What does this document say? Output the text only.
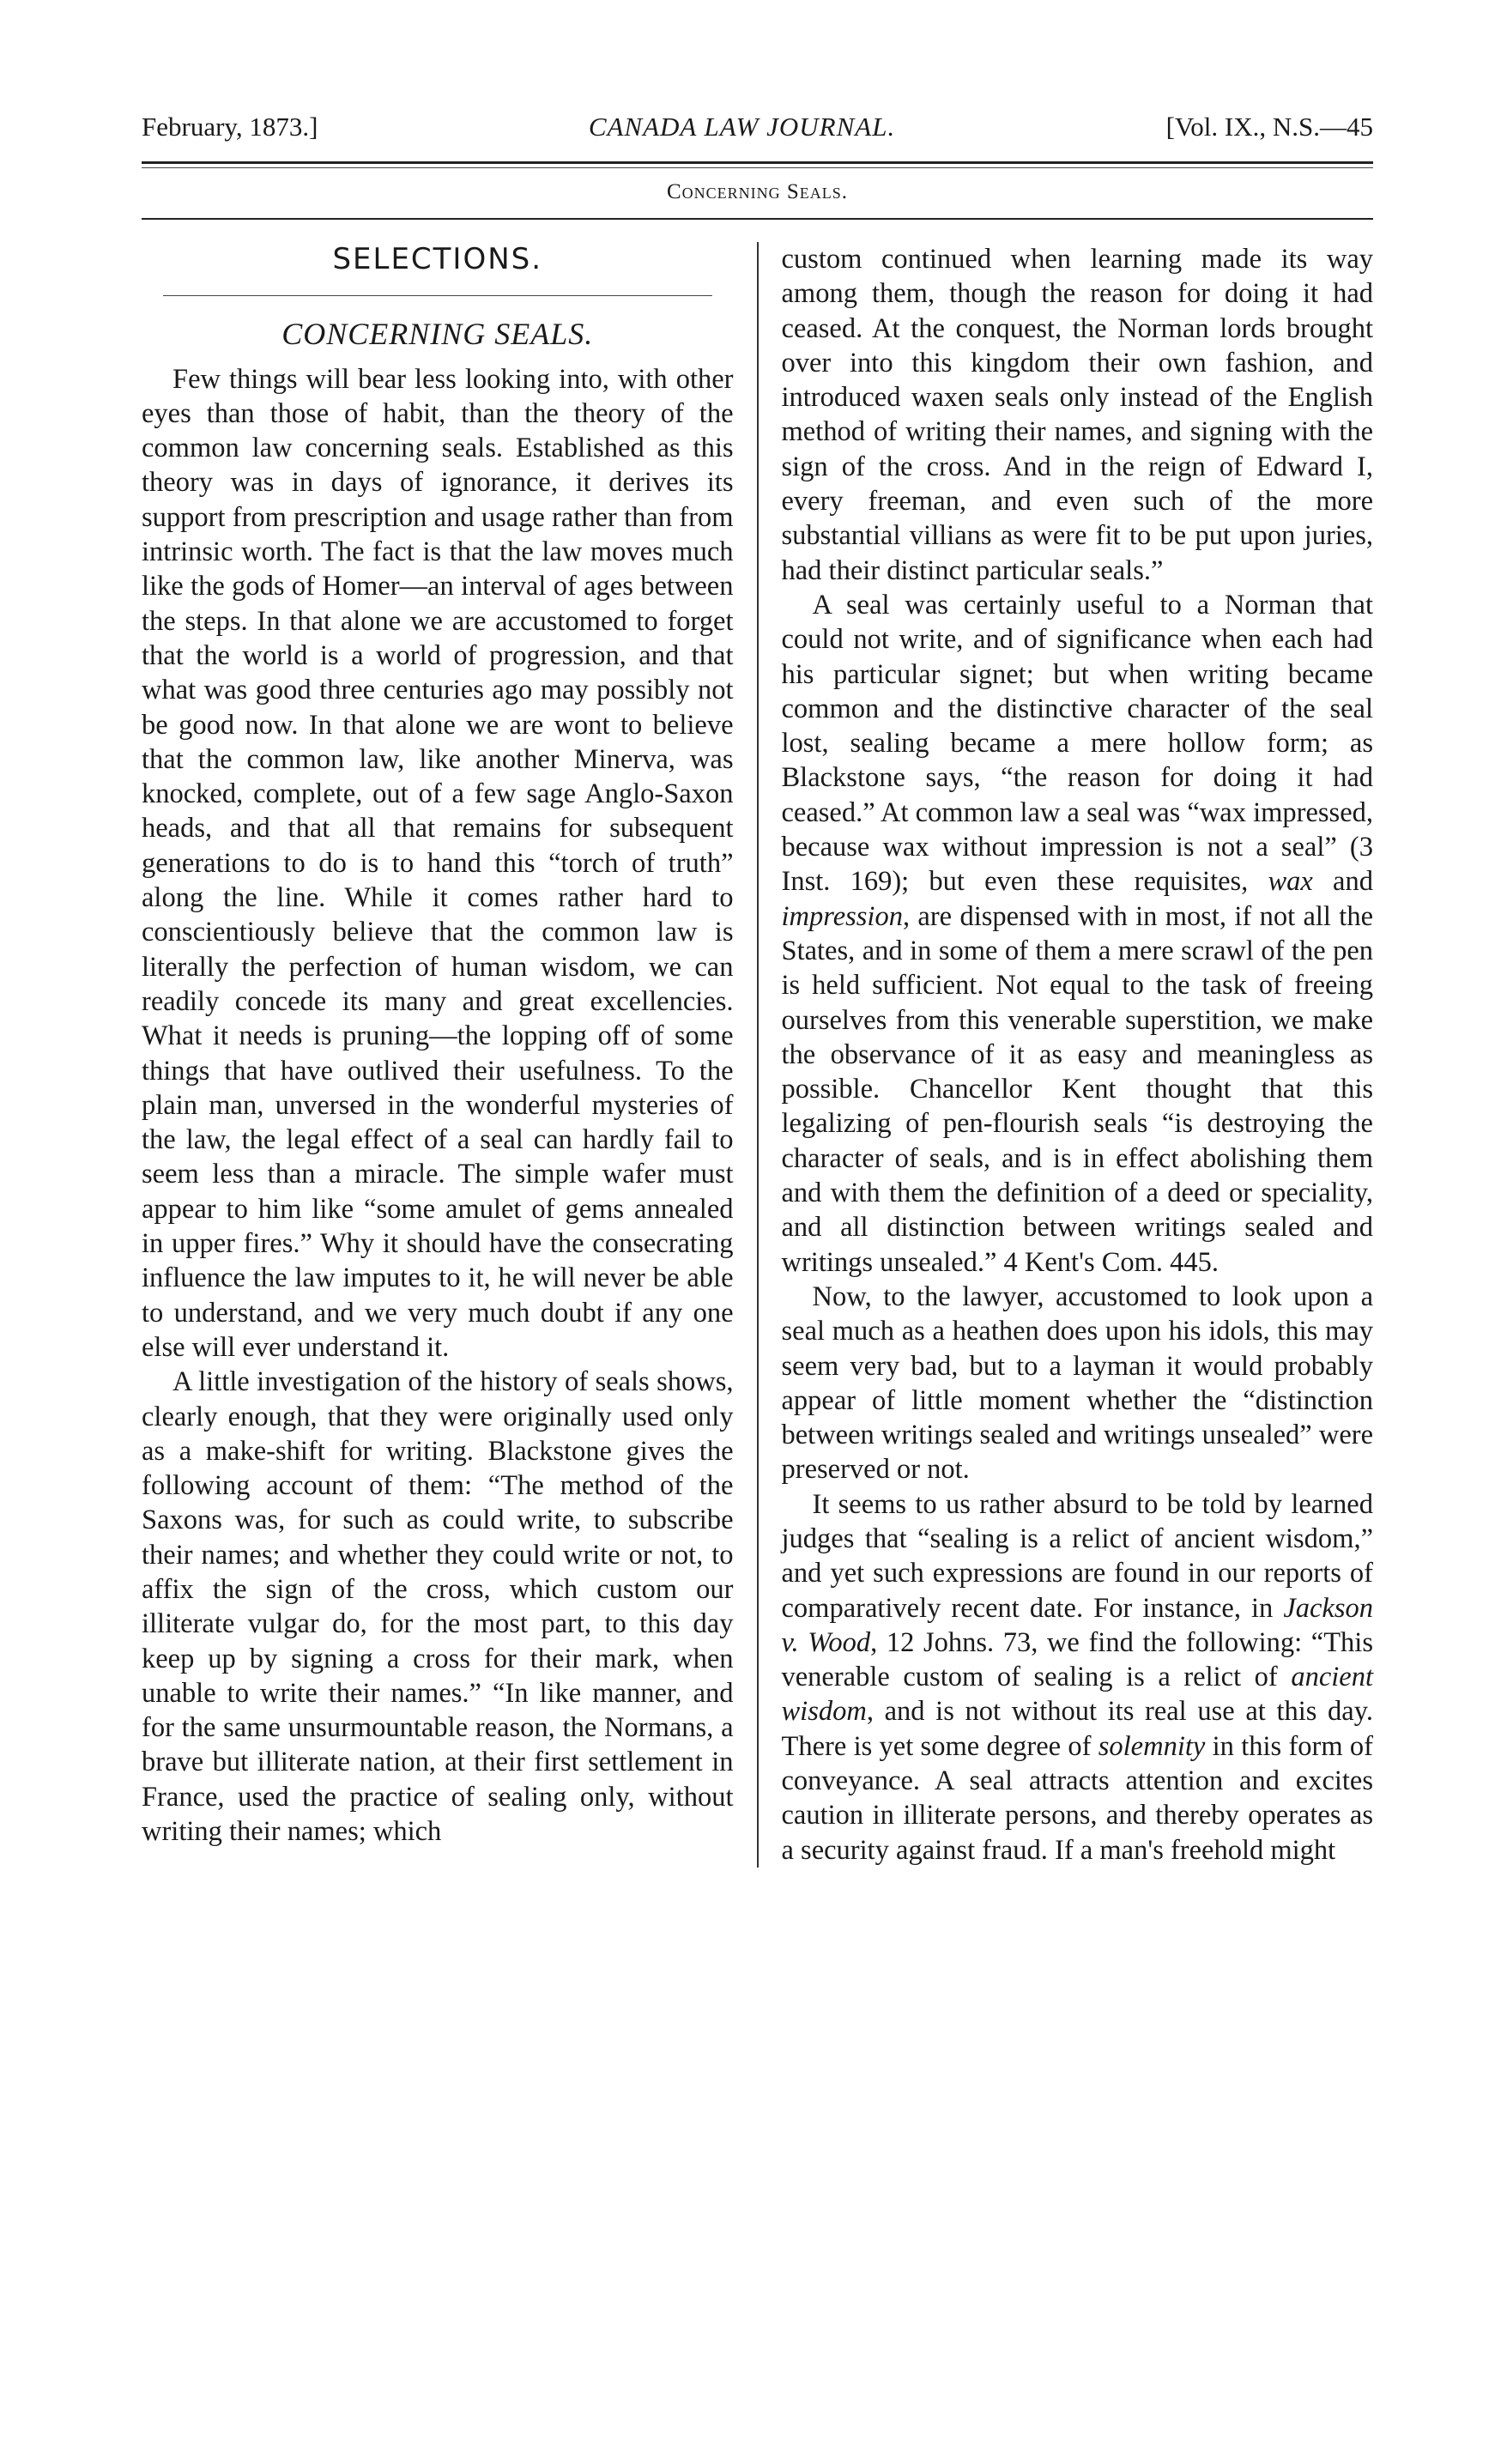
February, 1873.]	CANADA LAW JOURNAL.	[Vol. IX., N.S.—45
Concerning Seals.
SELECTIONS.
CONCERNING SEALS.

Few things will bear less looking into, with other eyes than those of habit, than the theory of the common law concerning seals. Established as this theory was in days of ignorance, it derives its support from prescription and usage rather than from intrinsic worth. The fact is that the law moves much like the gods of Homer—an interval of ages between the steps. In that alone we are accustomed to forget that the world is a world of progression, and that what was good three centuries ago may possibly not be good now. In that alone we are wont to believe that the common law, like another Minerva, was knocked, complete, out of a few sage Anglo-Saxon heads, and that all that remains for subsequent generations to do is to hand this “torch of truth” along the line. While it comes rather hard to conscientiously believe that the common law is literally the perfection of human wisdom, we can readily concede its many and great excellencies. What it needs is pruning—the lopping off of some things that have outlived their usefulness. To the plain man, unversed in the wonderful mysteries of the law, the legal effect of a seal can hardly fail to seem less than a miracle. The simple wafer must appear to him like “some amulet of gems annealed in upper fires.” Why it should have the consecrating influence the law imputes to it, he will never be able to understand, and we very much doubt if any one else will ever understand it.

A little investigation of the history of seals shows, clearly enough, that they were originally used only as a make-shift for writing. Blackstone gives the following account of them: “The method of the Saxons was, for such as could write, to subscribe their names; and whether they could write or not, to affix the sign of the cross, which custom our illiterate vulgar do, for the most part, to this day keep up by signing a cross for their mark, when unable to write their names.” “In like manner, and for the same unsurmountable reason, the Normans, a brave but illiterate nation, at their first settlement in France, used the practice of sealing only, without writing their names; which

custom continued when learning made its way among them, though the reason for doing it had ceased. At the conquest, the Norman lords brought over into this kingdom their own fashion, and introduced waxen seals only instead of the English method of writing their names, and signing with the sign of the cross. And in the reign of Edward I, every freeman, and even such of the more substantial villians as were fit to be put upon juries, had their distinct particular seals.”

A seal was certainly useful to a Norman that could not write, and of significance when each had his particular signet; but when writing became common and the distinctive character of the seal lost, sealing became a mere hollow form; as Blackstone says, “the reason for doing it had ceased.” At common law a seal was “wax impressed, because wax without impression is not a seal” (3 Inst. 169); but even these requisites, wax and impression, are dispensed with in most, if not all the States, and in some of them a mere scrawl of the pen is held sufficient. Not equal to the task of freeing ourselves from this venerable superstition, we make the observance of it as easy and meaningless as possible. Chancellor Kent thought that this legalizing of pen-flourish seals “is destroying the character of seals, and is in effect abolishing them and with them the definition of a deed or speciality, and all distinction between writings sealed and writings unsealed.” 4 Kent's Com. 445.

Now, to the lawyer, accustomed to look upon a seal much as a heathen does upon his idols, this may seem very bad, but to a layman it would probably appear of little moment whether the “distinction between writings sealed and writings unsealed” were preserved or not.

It seems to us rather absurd to be told by learned judges that “sealing is a relict of ancient wisdom,” and yet such expressions are found in our reports of comparatively recent date. For instance, in Jackson v. Wood, 12 Johns. 73, we find the following: “This venerable custom of sealing is a relict of ancient wisdom, and is not without its real use at this day. There is yet some degree of solemnity in this form of conveyance. A seal attracts attention and excites caution in illiterate persons, and thereby operates as a security against fraud. If a man's freehold might
